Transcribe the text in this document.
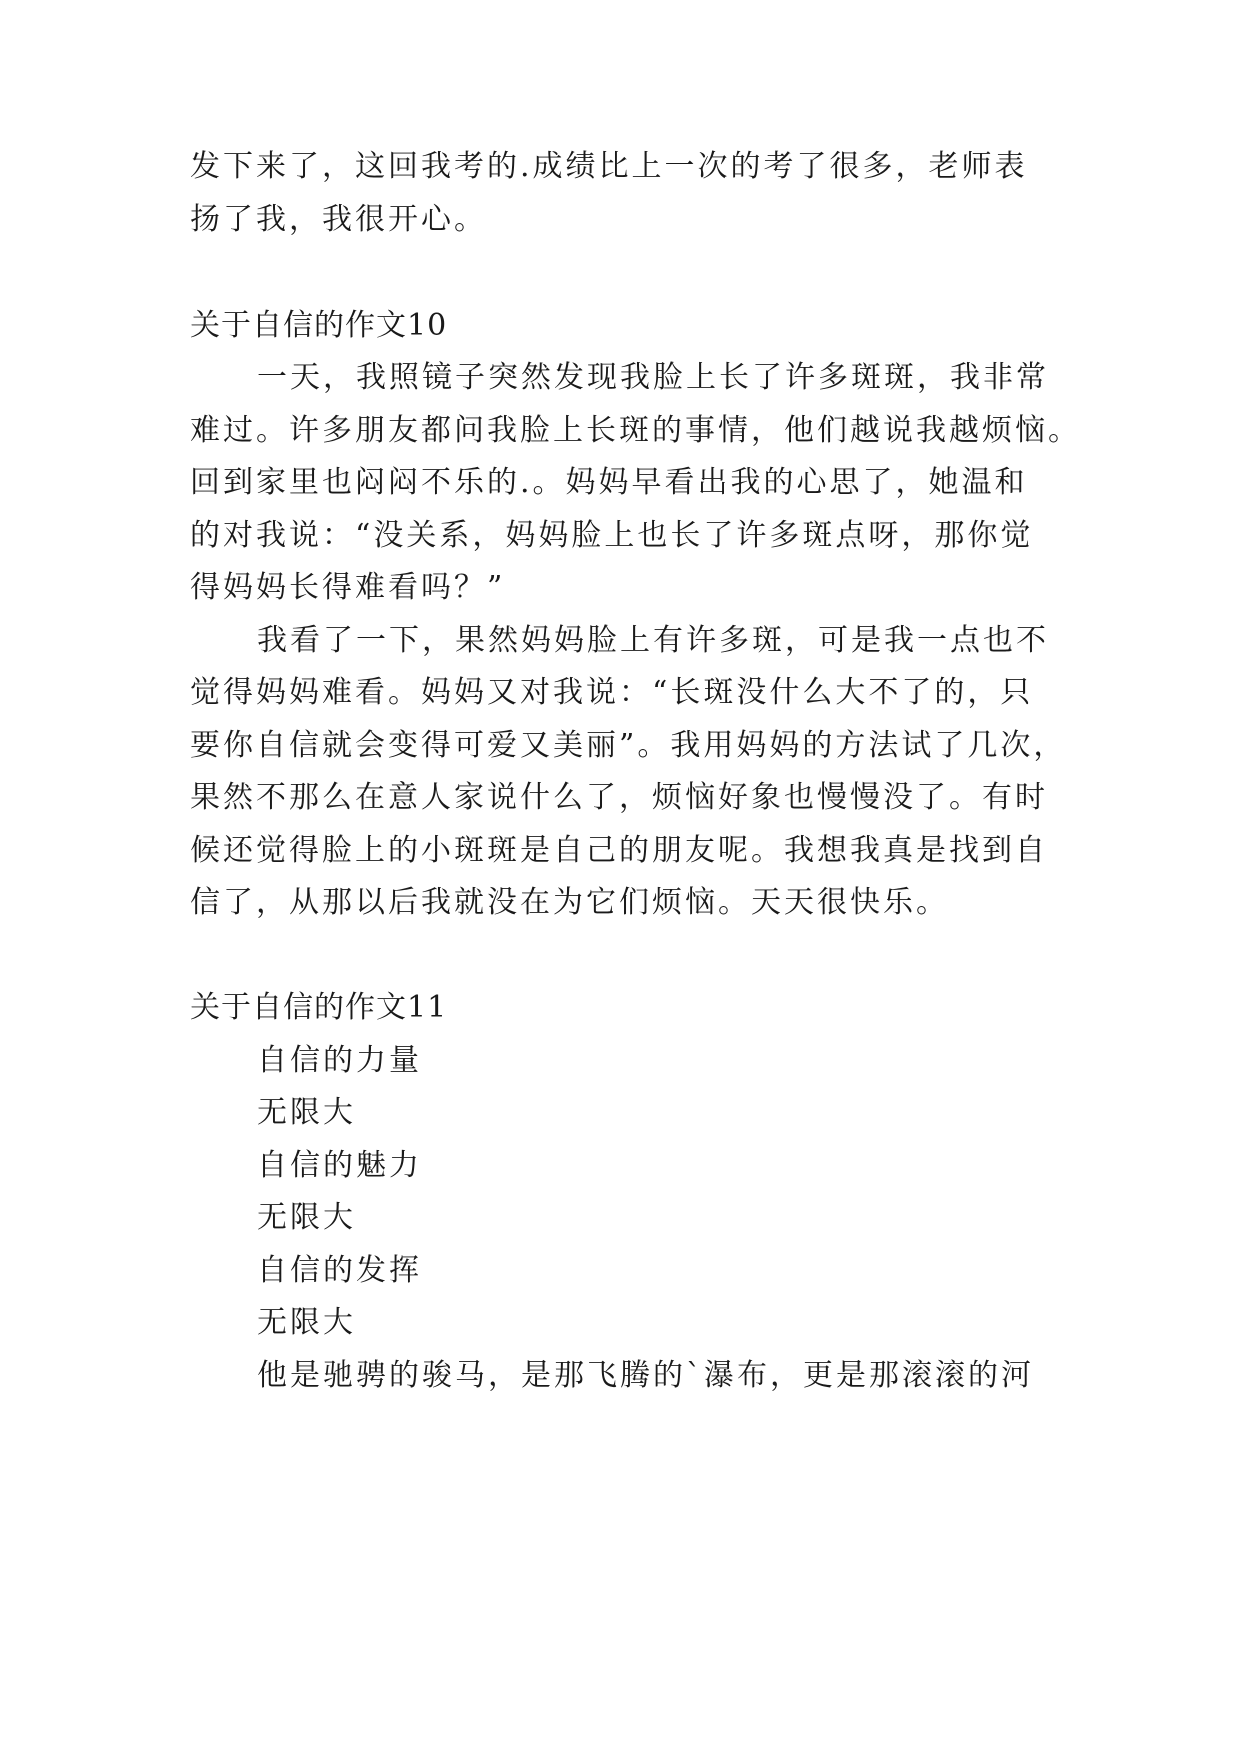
发下来了，这回我考的.成绩比上一次的考了很多，老师表
扬了我，我很开心。
关于自信的作文10
一天，我照镜子突然发现我脸上长了许多斑斑，我非常
难过。许多朋友都问我脸上长斑的事情，他们越说我越烦恼。
回到家里也闷闷不乐的.。妈妈早看出我的心思了，她温和
的对我说：“没关系，妈妈脸上也长了许多斑点呀，那你觉
得妈妈长得难看吗？”
我看了一下，果然妈妈脸上有许多斑，可是我一点也不
觉得妈妈难看。妈妈又对我说：“长斑没什么大不了的，只
要你自信就会变得可爱又美丽”。我用妈妈的方法试了几次，
果然不那么在意人家说什么了，烦恼好象也慢慢没了。有时
候还觉得脸上的小斑斑是自己的朋友呢。我想我真是找到自
信了，从那以后我就没在为它们烦恼。天天很快乐。
关于自信的作文11
自信的力量
无限大
自信的魅力
无限大
自信的发挥
无限大
他是驰骋的骏马，是那飞腾的`瀑布，更是那滚滚的河
